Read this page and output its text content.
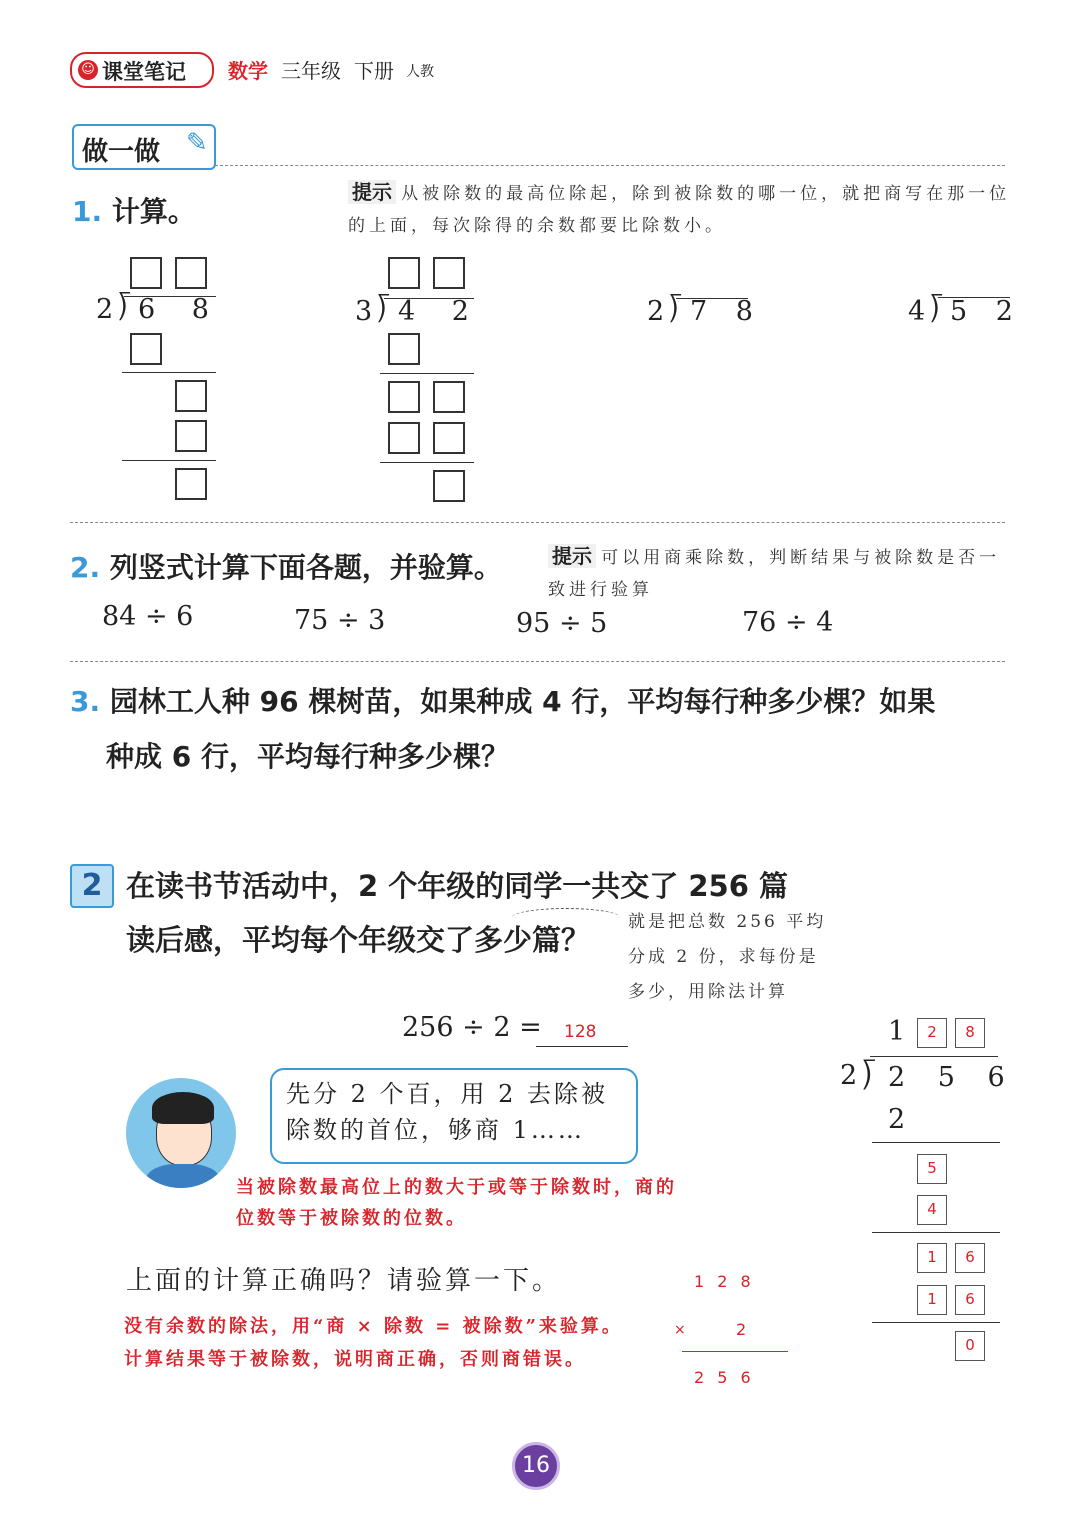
☺ 课堂笔记 数学 三年级 下册 人教
做一做 ✎
1. 计算。
提示 从被除数的最高位除起，除到被除数的哪一位，就把商写在那一位的上面，每次除得的余数都要比除数小。
2 ⟌ 6 8	3 ⟌ 4 2	2 ⟌ 7 8	4 ⟌ 5 2
2. 列竖式计算下面各题，并验算。	提示 可以用商乘除数，判断结果与被除数是否一致进行验算
84 ÷ 6	75 ÷ 3	95 ÷ 5	76 ÷ 4
3. 园林工人种 96 棵树苗，如果种成 4 行，平均每行种多少棵？如果
种成 6 行，平均每行种多少棵？
2 在读书节活动中，2 个年级的同学一共交了 256 篇
读后感，平均每个年级交了多少篇？
就是把总数 256 平均分成 2 份，求每份是多少，用除法计算
256 ÷ 2 = 128
先分 2 个百，用 2 去除被除数的首位，够商 1……
当被除数最高位上的数大于或等于除数时，商的位数等于被除数的位数。
上面的计算正确吗？请验算一下。
没有余数的除法，用“商 × 除数 = 被除数”来验算。
计算结果等于被除数，说明商正确，否则商错误。
1 2 8
×	2
2 5 6
1	2	8
2 ⟌ 2 5 6
2
5
4
1	6
1	6
0
16
